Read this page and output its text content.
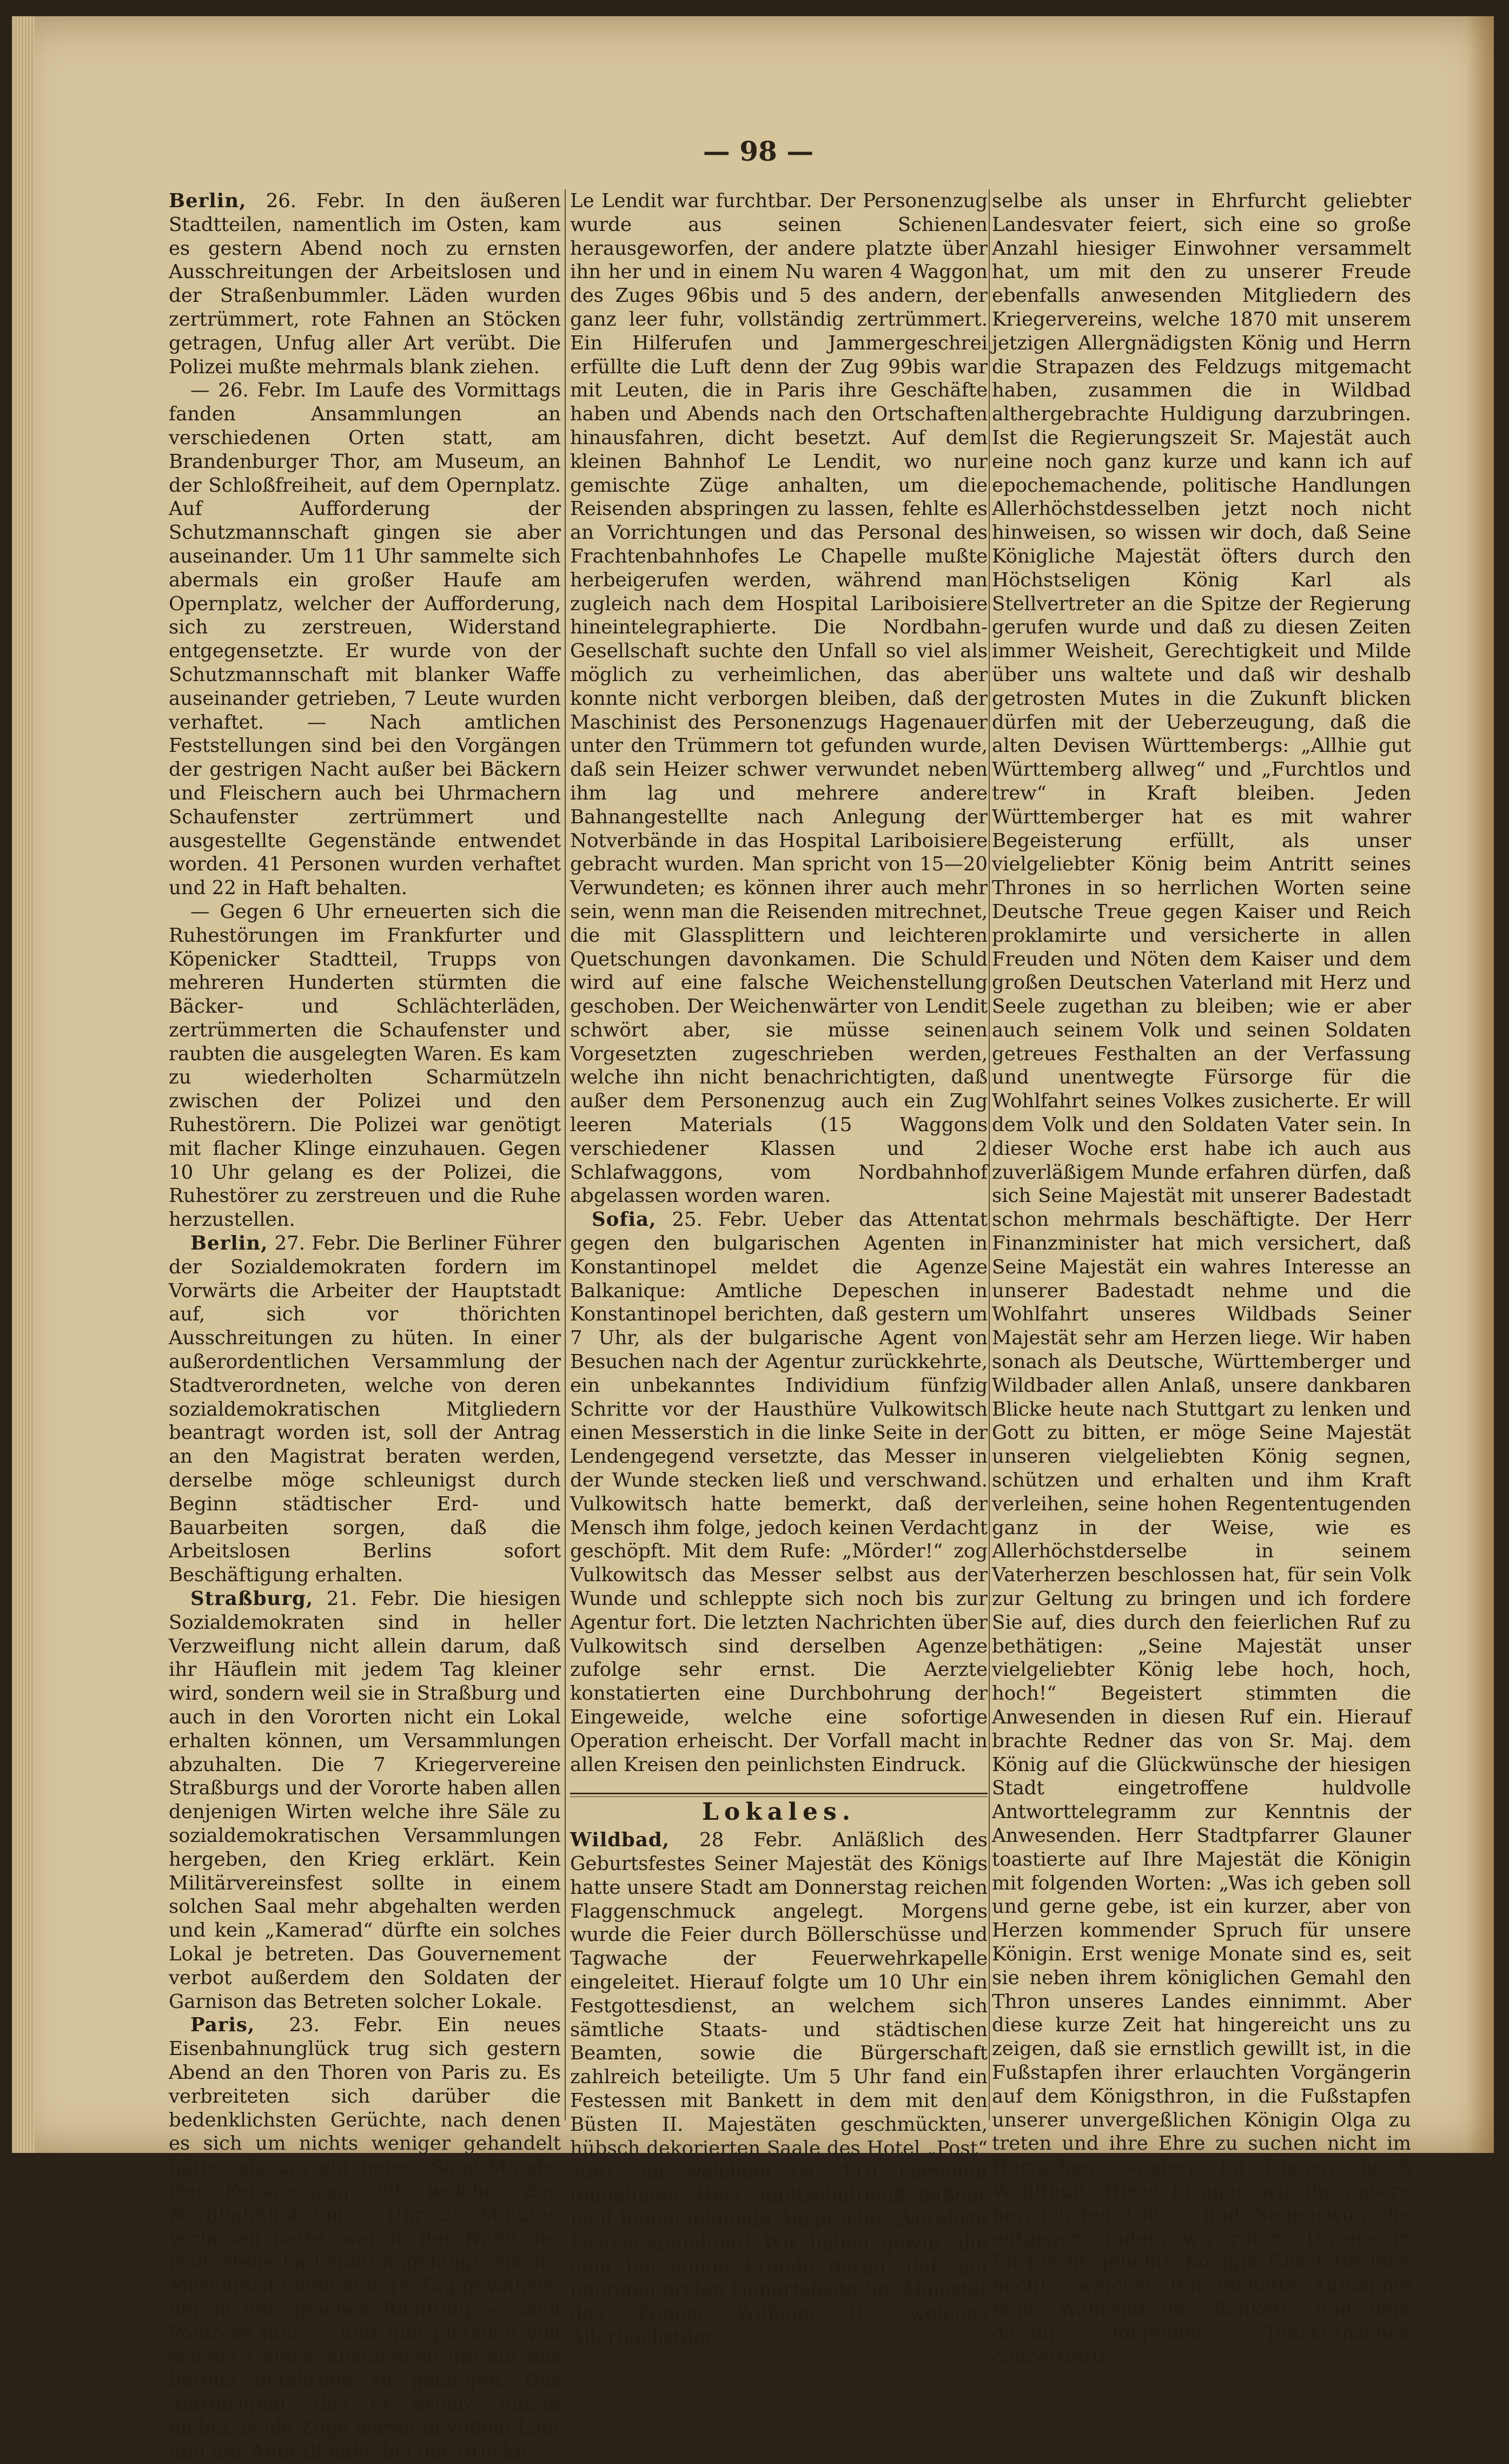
— 98 —

Berlin, 26. Febr. In den äußeren Stadtteilen, namentlich im Osten, kam es gestern Abend noch zu ernsten Ausschreitungen der Arbeitslosen und der Straßenbummler. Läden wurden zertrümmert, rote Fahnen an Stöcken getragen, Unfug aller Art verübt. Die Polizei mußte mehrmals blank ziehen.

— 26. Febr. Im Laufe des Vormittags fanden Ansammlungen an verschiedenen Orten statt, am Brandenburger Thor, am Museum, an der Schloßfreiheit, auf dem Opernplatz. Auf Aufforderung der Schutzmannschaft gingen sie aber auseinander. Um 11 Uhr sammelte sich abermals ein großer Haufe am Opernplatz, welcher der Aufforderung, sich zu zerstreuen, Widerstand entgegensetzte. Er wurde von der Schutzmannschaft mit blanker Waffe auseinander getrieben, 7 Leute wurden verhaftet. — Nach amtlichen Feststellungen sind bei den Vorgängen der gestrigen Nacht außer bei Bäckern und Fleischern auch bei Uhrmachern Schaufenster zertrümmert und ausgestellte Gegenstände entwendet worden. 41 Personen wurden verhaftet und 22 in Haft behalten.

— Gegen 6 Uhr erneuerten sich die Ruhestörungen im Frankfurter und Köpenicker Stadtteil, Trupps von mehreren Hunderten stürmten die Bäcker- und Schlächterläden, zertrümmerten die Schaufenster und raubten die ausgelegten Waren. Es kam zu wiederholten Scharmützeln zwischen der Polizei und den Ruhestörern. Die Polizei war genötigt mit flacher Klinge einzuhauen. Gegen 10 Uhr gelang es der Polizei, die Ruhestörer zu zerstreuen und die Ruhe herzustellen.

Berlin, 27. Febr. Die Berliner Führer der Sozialdemokraten fordern im Vorwärts die Arbeiter der Hauptstadt auf, sich vor thörichten Ausschreitungen zu hüten. In einer außerordentlichen Versammlung der Stadtverordneten, welche von deren sozialdemokratischen Mitgliedern beantragt worden ist, soll der Antrag an den Magistrat beraten werden, derselbe möge schleunigst durch Beginn städtischer Erd- und Bauarbeiten sorgen, daß die Arbeitslosen Berlins sofort Beschäftigung erhalten.

Straßburg, 21. Febr. Die hiesigen Sozialdemokraten sind in heller Verzweiflung nicht allein darum, daß ihr Häuflein mit jedem Tag kleiner wird, sondern weil sie in Straßburg und auch in den Vororten nicht ein Lokal erhalten können, um Versammlungen abzuhalten. Die 7 Kriegervereine Straßburgs und der Vororte haben allen denjenigen Wirten welche ihre Säle zu sozialdemokratischen Versammlungen hergeben, den Krieg erklärt. Kein Militärvereinsfest sollte in einem solchen Saal mehr abgehalten werden und kein „Kamerad“ dürfte ein solches Lokal je betreten. Das Gouvernement verbot außerdem den Soldaten der Garnison das Betreten solcher Lokale.

Paris, 23. Febr. Ein neues Eisenbahnunglück trug sich gestern Abend an den Thoren von Paris zu. Es verbreiteten sich darüber die bedenklichsten Gerüchte, nach denen es sich um nichts weniger gehandelt hätte, als um ein neues Saint-Mande. Der Personenzug, 99, welcher den Nordbahnhof um 7 Uhr 35 Minuten verlassen hatte, war in der Nähe der Haltestelle La Lendit angelangt, als der Maschinist einen andern Zug gewahrte, der in der gleichen Richtung — nach Pontoise fuhr — und nun plötzlich von seinem Geleise abzulenken um auf das bereits befahrene zu gelangen. Das Alarmsignal, das er erließ, nützte nichts, beide Züge waren in vollem Lauf und der Anprall nahe bei der Brücke

Le Lendit war furchtbar. Der Personenzug wurde aus seinen Schienen herausgeworfen, der andere platzte über ihn her und in einem Nu waren 4 Waggon des Zuges 96bis und 5 des andern, der ganz leer fuhr, vollständig zertrümmert. Ein Hilferufen und Jammergeschrei erfüllte die Luft denn der Zug 99bis war mit Leuten, die in Paris ihre Geschäfte haben und Abends nach den Ortschaften hinausfahren, dicht besetzt. Auf dem kleinen Bahnhof Le Lendit, wo nur gemischte Züge anhalten, um die Reisenden abspringen zu lassen, fehlte es an Vorrichtungen und das Personal des Frachtenbahnhofes Le Chapelle mußte herbeigerufen werden, während man zugleich nach dem Hospital Lariboisiere hineintelegraphierte. Die Nordbahn-Gesellschaft suchte den Unfall so viel als möglich zu verheimlichen, das aber konnte nicht verborgen bleiben, daß der Maschinist des Personenzugs Hagenauer unter den Trümmern tot gefunden wurde, daß sein Heizer schwer verwundet neben ihm lag und mehrere andere Bahnangestellte nach Anlegung der Notverbände in das Hospital Lariboisiere gebracht wurden. Man spricht von 15—20 Verwundeten; es können ihrer auch mehr sein, wenn man die Reisenden mitrechnet, die mit Glassplittern und leichteren Quetschungen davonkamen. Die Schuld wird auf eine falsche Weichenstellung geschoben. Der Weichenwärter von Lendit schwört aber, sie müsse seinen Vorgesetzten zugeschrieben werden, welche ihn nicht benachrichtigten, daß außer dem Personenzug auch ein Zug leeren Materials (15 Waggons verschiedener Klassen und 2 Schlafwaggons, vom Nordbahnhof abgelassen worden waren.

Sofia, 25. Febr. Ueber das Attentat gegen den bulgarischen Agenten in Konstantinopel meldet die Agenze Balkanique: Amtliche Depeschen in Konstantinopel berichten, daß gestern um 7 Uhr, als der bulgarische Agent von Besuchen nach der Agentur zurückkehrte, ein unbekanntes Individium fünfzig Schritte vor der Hausthüre Vulkowitsch einen Messerstich in die linke Seite in der Lendengegend versetzte, das Messer in der Wunde stecken ließ und verschwand. Vulkowitsch hatte bemerkt, daß der Mensch ihm folge, jedoch keinen Verdacht geschöpft. Mit dem Rufe: „Mörder!“ zog Vulkowitsch das Messer selbst aus der Wunde und schleppte sich noch bis zur Agentur fort. Die letzten Nachrichten über Vulkowitsch sind derselben Agenze zufolge sehr ernst. Die Aerzte konstatierten eine Durchbohrung der Eingeweide, welche eine sofortige Operation erheischt. Der Vorfall macht in allen Kreisen den peinlichsten Eindruck.

Lokales.

Wildbad, 28 Febr. Anläßlich des Geburtsfestes Seiner Majestät des Königs hatte unsere Stadt am Donnerstag reichen Flaggenschmuck angelegt. Morgens wurde die Feier durch Böllerschüsse und Tagwache der Feuerwehrkapelle eingeleitet. Hierauf folgte um 10 Uhr ein Festgottesdienst, an welchem sich sämtliche Staats- und städtischen Beamten, sowie die Bürgerschaft zahlreich beteiligte. Um 5 Uhr fand ein Festessen mit Bankett in dem mit den Büsten II. Majestäten geschmückten, hübsch dekorierten Saale des Hotel „Post“ statt, an welchem ca. 110 Personen teilnahmen. Herr Stadtschultheiß Bäßner hielt hiebei folgende Ansprache: „Verehrte Festversammlung! Wir haben gewiß alle eine herzinnige Freude daran, daß am heutigen ersten Geburtsfeste Se. Majestät des Königs Wilhelm II., welches Allerhöchstder-

selbe als unser in Ehrfurcht geliebter Landesvater feiert, sich eine so große Anzahl hiesiger Einwohner versammelt hat, um mit den zu unserer Freude ebenfalls anwesenden Mitgliedern des Kriegervereins, welche 1870 mit unserem jetzigen Allergnädigsten König und Herrn die Strapazen des Feldzugs mitgemacht haben, zusammen die in Wildbad althergebrachte Huldigung darzubringen. Ist die Regierungszeit Sr. Majestät auch eine noch ganz kurze und kann ich auf epochemachende, politische Handlungen Allerhöchstdesselben jetzt noch nicht hinweisen, so wissen wir doch, daß Seine Königliche Majestät öfters durch den Höchstseligen König Karl als Stellvertreter an die Spitze der Regierung gerufen wurde und daß zu diesen Zeiten immer Weisheit, Gerechtigkeit und Milde über uns waltete und daß wir deshalb getrosten Mutes in die Zukunft blicken dürfen mit der Ueberzeugung, daß die alten Devisen Württembergs: „Allhie gut Württemberg allweg“ und „Furchtlos und trew“ in Kraft bleiben. Jeden Württemberger hat es mit wahrer Begeisterung erfüllt, als unser vielgeliebter König beim Antritt seines Thrones in so herrlichen Worten seine Deutsche Treue gegen Kaiser und Reich proklamirte und versicherte in allen Freuden und Nöten dem Kaiser und dem großen Deutschen Vaterland mit Herz und Seele zugethan zu bleiben; wie er aber auch seinem Volk und seinen Soldaten getreues Festhalten an der Verfassung und unentwegte Fürsorge für die Wohlfahrt seines Volkes zusicherte. Er will dem Volk und den Soldaten Vater sein. In dieser Woche erst habe ich auch aus zuverläßigem Munde erfahren dürfen, daß sich Seine Majestät mit unserer Badestadt schon mehrmals beschäftigte. Der Herr Finanzminister hat mich versichert, daß Seine Majestät ein wahres Interesse an unserer Badestadt nehme und die Wohlfahrt unseres Wildbads Seiner Majestät sehr am Herzen liege. Wir haben sonach als Deutsche, Württemberger und Wildbader allen Anlaß, unsere dankbaren Blicke heute nach Stuttgart zu lenken und Gott zu bitten, er möge Seine Majestät unseren vielgeliebten König segnen, schützen und erhalten und ihm Kraft verleihen, seine hohen Regententugenden ganz in der Weise, wie es Allerhöchstderselbe in seinem Vaterherzen beschlossen hat, für sein Volk zur Geltung zu bringen und ich fordere Sie auf, dies durch den feierlichen Ruf zu bethätigen: „Seine Majestät unser vielgeliebter König lebe hoch, hoch, hoch!“ Begeistert stimmten die Anwesenden in diesen Ruf ein. Hierauf brachte Redner das von Sr. Maj. dem König auf die Glückwünsche der hiesigen Stadt eingetroffene huldvolle Antworttelegramm zur Kenntnis der Anwesenden. Herr Stadtpfarrer Glauner toastierte auf Ihre Majestät die Königin mit folgenden Worten: „Was ich geben soll und gerne gebe, ist ein kurzer, aber von Herzen kommender Spruch für unsere Königin. Erst wenige Monate sind es, seit sie neben ihrem königlichen Gemahl den Thron unseres Landes einnimmt. Aber diese kurze Zeit hat hingereicht uns zu zeigen, daß sie ernstlich gewillt ist, in die Fußstapfen ihrer erlauchten Vorgängerin auf dem Königsthron, in die Fußstapfen unserer unvergeßlichen Königin Olga zu treten und ihre Ehre zu suchen nicht im Herrschen, sondern im Dienen durch Wohlthun. Hiezu bringen wir ihr unsere herzlichsten Glück- und Segenswünsche entgegen, indem wir rufen: Unsere in Ehrfurcht geliebte Königin Charlotte lebe hoch!“, welcher Ruf lebhafte Aufnahme fand. Während des Banketts und dem darauf folgenden Tanzkränzchen concertierte
